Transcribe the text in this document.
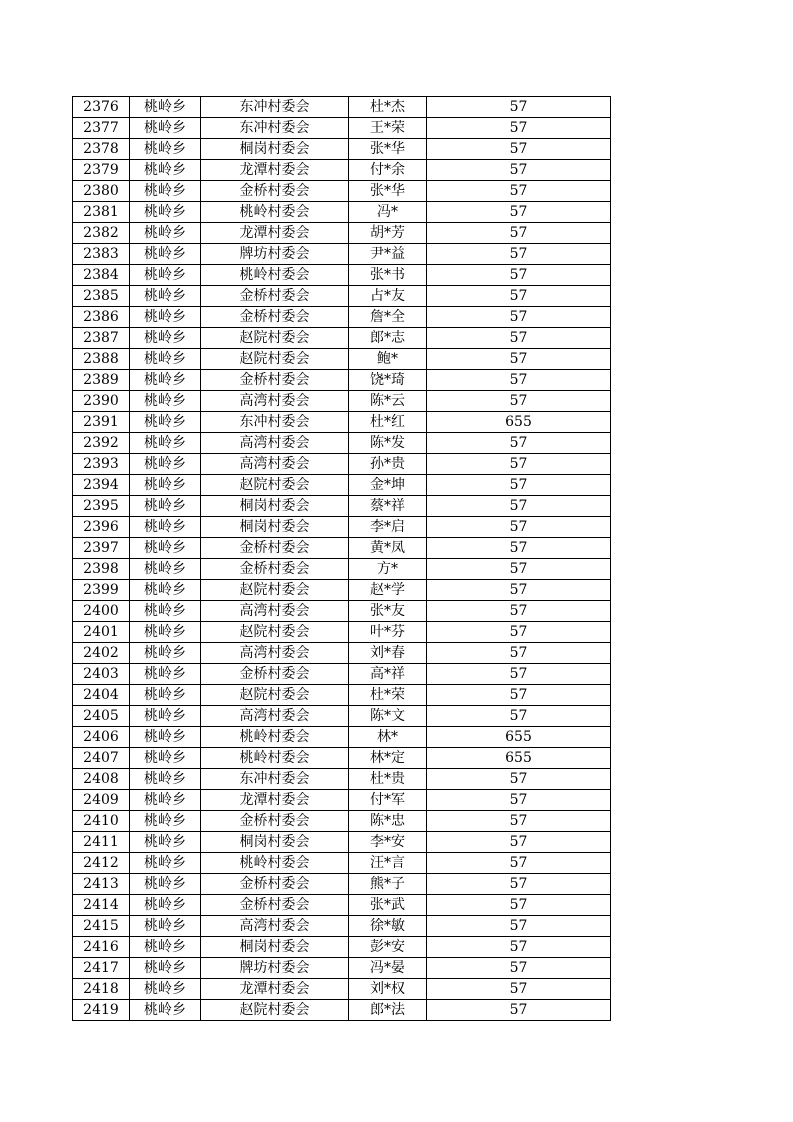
2376	桃岭乡	东冲村委会	杜*杰	57
2377	桃岭乡	东冲村委会	王*荣	57
2378	桃岭乡	桐岗村委会	张*华	57
2379	桃岭乡	龙潭村委会	付*余	57
2380	桃岭乡	金桥村委会	张*华	57
2381	桃岭乡	桃岭村委会	冯*	57
2382	桃岭乡	龙潭村委会	胡*芳	57
2383	桃岭乡	牌坊村委会	尹*益	57
2384	桃岭乡	桃岭村委会	张*书	57
2385	桃岭乡	金桥村委会	占*友	57
2386	桃岭乡	金桥村委会	詹*全	57
2387	桃岭乡	赵院村委会	郎*志	57
2388	桃岭乡	赵院村委会	鲍*	57
2389	桃岭乡	金桥村委会	饶*琦	57
2390	桃岭乡	高湾村委会	陈*云	57
2391	桃岭乡	东冲村委会	杜*红	655
2392	桃岭乡	高湾村委会	陈*发	57
2393	桃岭乡	高湾村委会	孙*贵	57
2394	桃岭乡	赵院村委会	金*坤	57
2395	桃岭乡	桐岗村委会	蔡*祥	57
2396	桃岭乡	桐岗村委会	李*启	57
2397	桃岭乡	金桥村委会	黄*凤	57
2398	桃岭乡	金桥村委会	方*	57
2399	桃岭乡	赵院村委会	赵*学	57
2400	桃岭乡	高湾村委会	张*友	57
2401	桃岭乡	赵院村委会	叶*芬	57
2402	桃岭乡	高湾村委会	刘*春	57
2403	桃岭乡	金桥村委会	高*祥	57
2404	桃岭乡	赵院村委会	杜*荣	57
2405	桃岭乡	高湾村委会	陈*文	57
2406	桃岭乡	桃岭村委会	林*	655
2407	桃岭乡	桃岭村委会	林*定	655
2408	桃岭乡	东冲村委会	杜*贵	57
2409	桃岭乡	龙潭村委会	付*军	57
2410	桃岭乡	金桥村委会	陈*忠	57
2411	桃岭乡	桐岗村委会	李*安	57
2412	桃岭乡	桃岭村委会	汪*言	57
2413	桃岭乡	金桥村委会	熊*子	57
2414	桃岭乡	金桥村委会	张*武	57
2415	桃岭乡	高湾村委会	徐*敏	57
2416	桃岭乡	桐岗村委会	彭*安	57
2417	桃岭乡	牌坊村委会	冯*晏	57
2418	桃岭乡	龙潭村委会	刘*权	57
2419	桃岭乡	赵院村委会	郎*法	57
